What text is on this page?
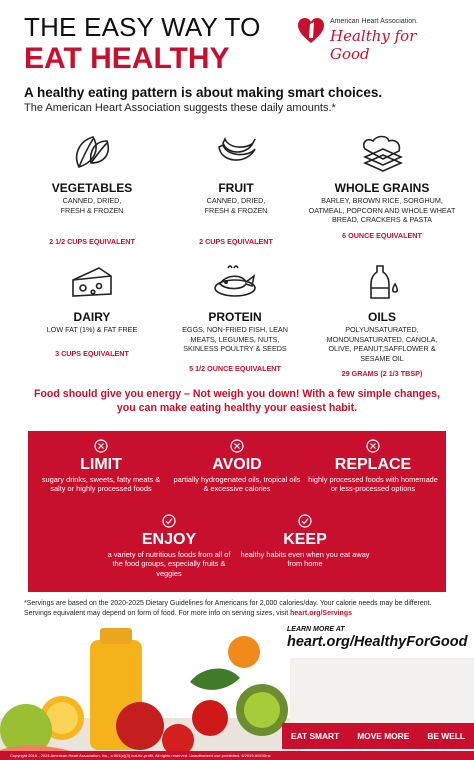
THE EASY WAY TO
EAT HEALTHY
American Heart Association.
Healthy for Good
A healthy eating pattern is about making smart choices.

The American Heart Association suggests these daily amounts.*

VEGETABLES
CANNED, DRIED, FRESH & FROZEN
2 1/2 CUPS EQUIVALENT
FRUIT
CANNED, DRIED, FRESH & FROZEN
2 CUPS EQUIVALENT
WHOLE GRAINS
BARLEY, BROWN RICE, SORGHUM, OATMEAL, POPCORN AND WHOLE WHEAT BREAD, CRACKERS & PASTA
6 OUNCE EQUIVALENT
DAIRY
LOW FAT (1%) & FAT FREE
3 CUPS EQUIVALENT
PROTEIN
EGGS, NON-FRIED FISH, LEAN MEATS, LEGUMES, NUTS, SKINLESS POULTRY & SEEDS
5 1/2 OUNCE EQUIVALENT
OILS
POLYUNSATURATED, MONOUNSATURATED, CANOLA, OLIVE, PEANUT,SAFFLOWER & SESAME OIL
29 GRAMS (2 1/3 TBSP)
Food should give you energy – Not weigh you down! With a few simple changes, you can make eating healthy your easiest habit.
LIMIT
sugary drinks, sweets, fatty meats & salty or highly processed foods
AVOID
partially hydrogenated oils, tropical oils & excessive calories
REPLACE
highly processed foods with homemade or less-processed options
ENJOY
a variety of nutritious foods from all of the food groups, especially fruits & veggies
KEEP
healthy habits even when you eat away from home
*Servings are based on the 2020-2025 Dietary Guidelines for Americans for 2,000 calories/day. Your calorie needs may be different. Servings equivalent may depend on form of food. For more info on serving sizes, visit heart.org/Servings
LEARN MORE AT
heart.org/HealthyForGood
EAT SMART MOVE MORE BE WELL
Copyright 2016 - 2024 American Heart Association, Inc., a 501(c)(3) not-for-profit. All rights reserved. Unauthorized use prohibited. 6/2019 ASG0Inc
